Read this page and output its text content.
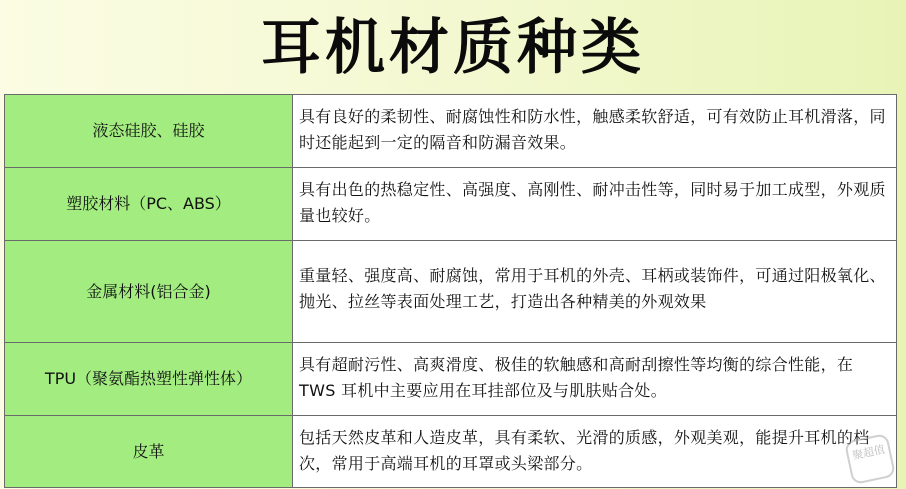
耳机材质种类
液态硅胶、硅胶	具有良好的柔韧性、耐腐蚀性和防水性，触感柔软舒适，可有效防止耳机滑落，同时还能起到一定的隔音和防漏音效果。
塑胶材料（PC、ABS）	具有出色的热稳定性、高强度、高刚性、耐冲击性等，同时易于加工成型，外观质量也较好。
金属材料(铝合金)	重量轻、强度高、耐腐蚀，常用于耳机的外壳、耳柄或装饰件，可通过阳极氧化、抛光、拉丝等表面处理工艺，打造出各种精美的外观效果
TPU（聚氨酯热塑性弹性体）	具有超耐污性、高爽滑度、极佳的软触感和高耐刮擦性等均衡的综合性能，在 TWS 耳机中主要应用在耳挂部位及与肌肤贴合处。
皮革	包括天然皮革和人造皮革，具有柔软、光滑的质感，外观美观，能提升耳机的档次，常用于高端耳机的耳罩或头梁部分。
聚超值
